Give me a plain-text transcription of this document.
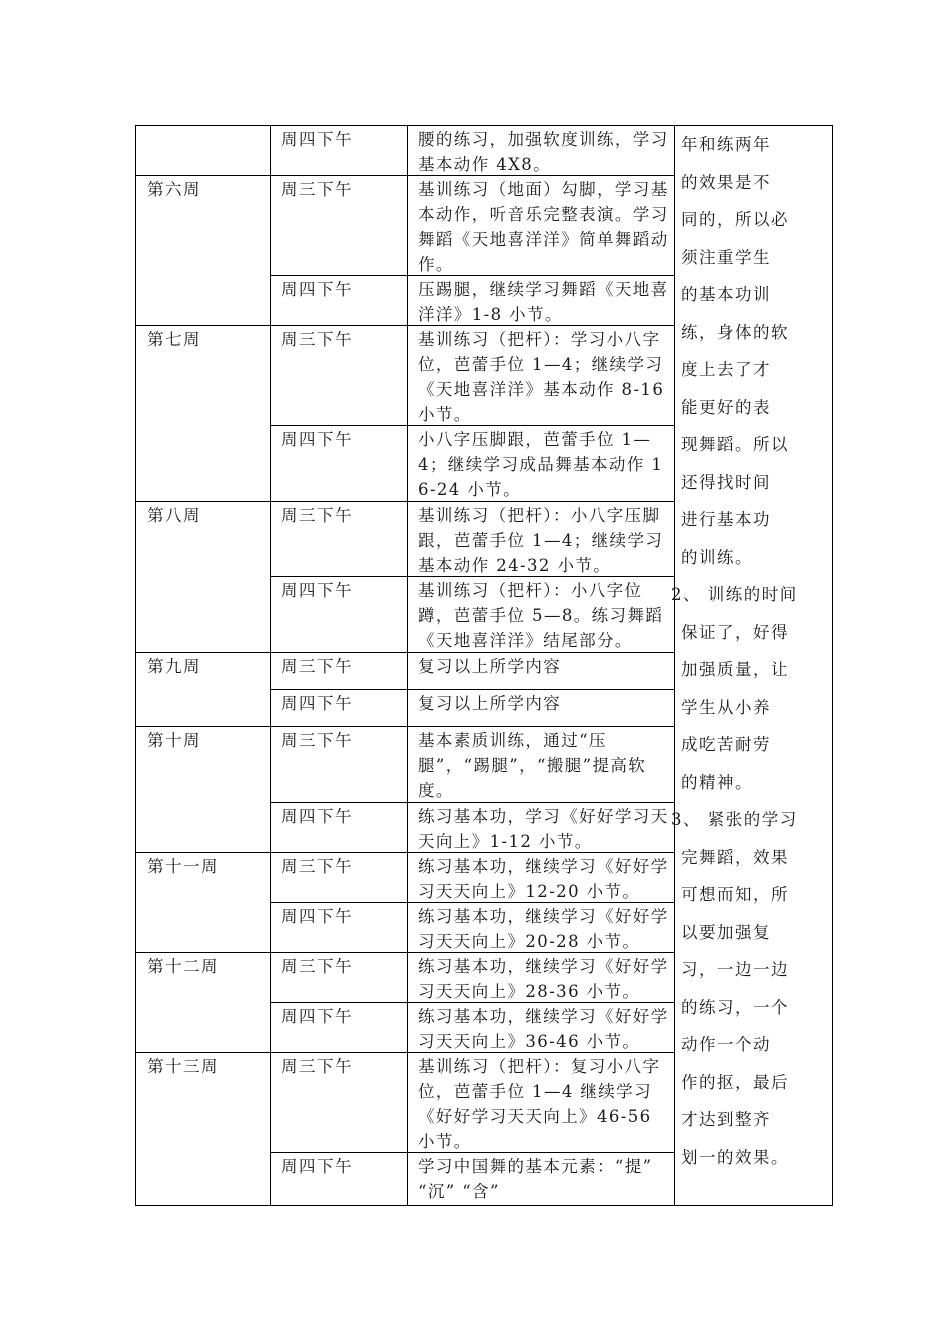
年和练两年
的效果是不
同的，所以必
须注重学生
的基本功训
练，身体的软
度上去了才
能更好的表
现舞蹈。所以
还得找时间
进行基本功
的训练。
2、 训练的时间
保证了，好得
加强质量，让
学生从小养
成吃苦耐劳
的精神。
3、 紧张的学习
完舞蹈，效果
可想而知，所
以要加强复
习，一边一边
的练习，一个
动作一个动
作的抠，最后
才达到整齐
划一的效果。
周四下午	腰的练习，加强软度训练，学习基本动作 4X8。
第六周	周三下午	基训练习（地面）勾脚，学习基本动作，听音乐完整表演。学习舞蹈《天地喜洋洋》简单舞蹈动作。
周四下午	压踢腿，继续学习舞蹈《天地喜洋洋》1-8 小节。
第七周	周三下午	基训练习（把杆）：学习小八字位，芭蕾手位 1—4；继续学习《天地喜洋洋》基本动作 8-16 小节。
周四下午	小八字压脚跟，芭蕾手位 1—4；继续学习成品舞基本动作 16-24 小节。
第八周	周三下午	基训练习（把杆）：小八字压脚跟，芭蕾手位 1—4；继续学习基本动作 24-32 小节。
周四下午	基训练习（把杆）：小八字位蹲，芭蕾手位 5—8。练习舞蹈《天地喜洋洋》结尾部分。
第九周	周三下午	复习以上所学内容
周四下午	复习以上所学内容
第十周	周三下午	基本素质训练，通过“压腿”，“踢腿”，“搬腿”提高软度。
周四下午	练习基本功，学习《好好学习天天向上》1-12 小节。
第十一周	周三下午	练习基本功，继续学习《好好学习天天向上》12-20 小节。
周四下午	练习基本功，继续学习《好好学习天天向上》20-28 小节。
第十二周	周三下午	练习基本功，继续学习《好好学习天天向上》28-36 小节。
周四下午	练习基本功，继续学习《好好学习天天向上》36-46 小节。
第十三周	周三下午	基训练习（把杆）：复习小八字位，芭蕾手位 1—4 继续学习《好好学习天天向上》46-56 小节。
周四下午	学习中国舞的基本元素：“提” “沉” “含”
